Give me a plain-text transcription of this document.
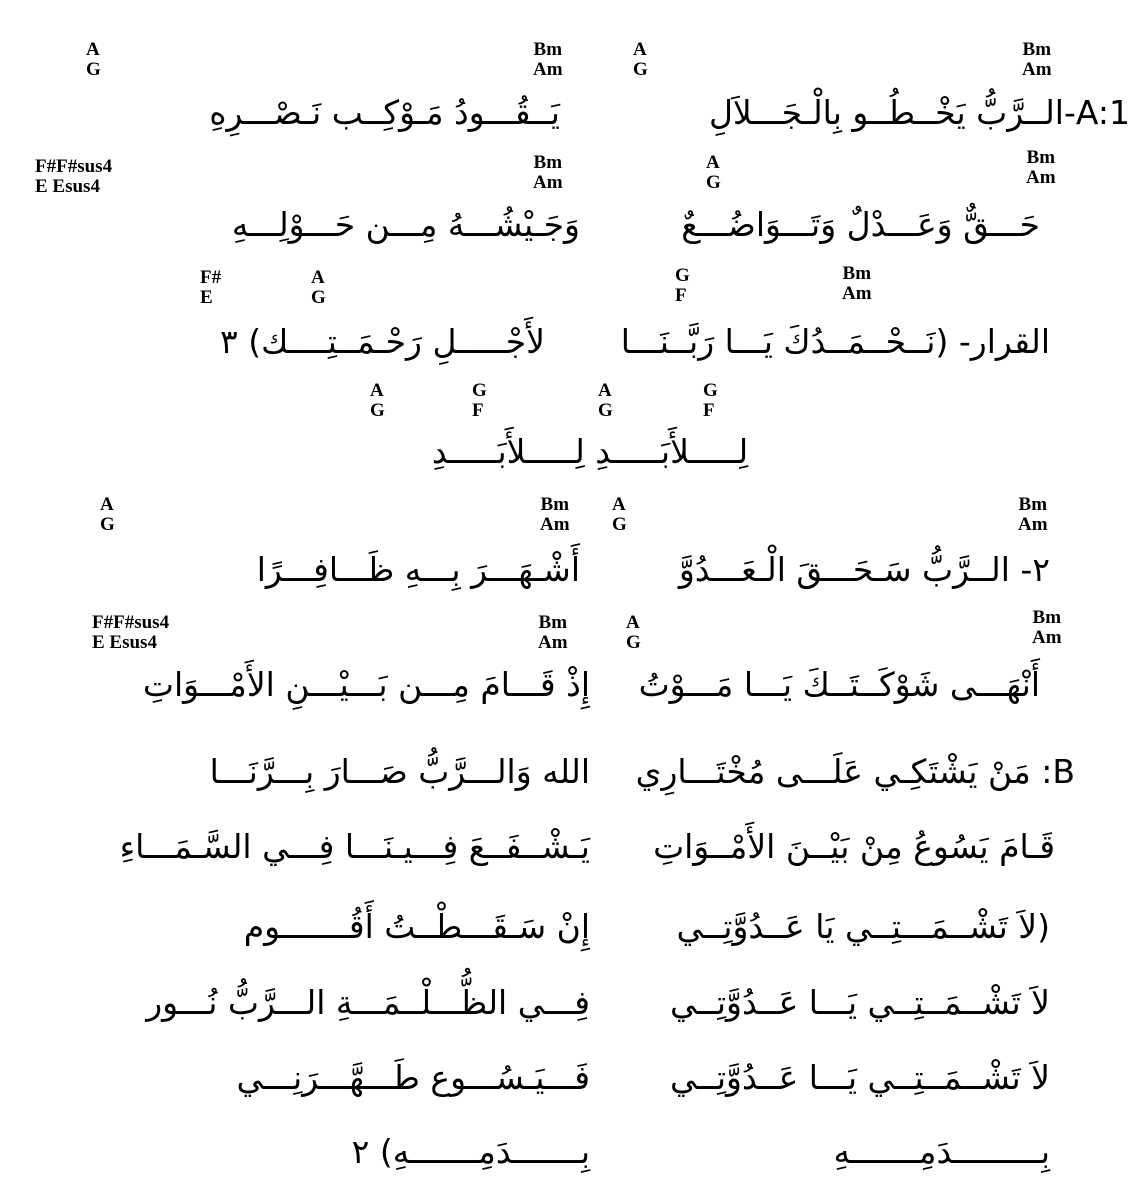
A
G
Bm
Am
A
G
Bm
Am
يَــقُـــودُ مَـوْكِــب نَـصْـــرِهِ	A:1-الــرَّبُّ يَخْــطُــو بِالْـجَـــلاَلِ
F#F#sus4
E Esus4
Bm
Am
A
G
Bm
Am
وَجَـيْشُـــهُ مِـــن حَـــوْلِـــهِ	حَـــقٌّ وَعَـــدْلٌ وَتَـــوَاضُـــعٌ
F#
E
A
G
G
F
Bm
Am
لأَجْـــــلِ رَحْـمَــتِــــك) ٣	القرار- (نَــحْــمَــدُكَ يَـــا رَبَّــنَـــا
A
G
G
F
A
G
G
F
لِـــــلأَبَـــــدِ لِـــــلأَبَـــــدِ
A
G
Bm
Am
A
G
Bm
Am
أَشْـهَـــرَ بِـــهِ ظَـــافِـــرًا	٢- الــرَّبُّ سَـحَـــقَ الْـعَـــدُوَّ
F#F#sus4
E Esus4
Bm
Am
A
G
Bm
Am
إِذْ قَـــامَ مِـــن بَـــيْـــنِ الأَمْـــوَاتِ	أَنْهَـــى شَوْكَــتَــكَ يَـــا مَـــوْتُ
الله وَالـــرَّبُّ صَـــارَ بِـــرَّنَـــا	B: مَنْ يَشْتَكِـي عَلَـــى مُخْتَـــارِي
يَـشْــفَــعَ فِـــيـنَـــا فِـــي السَّـمَـــاءِ	قَـامَ يَسُوعُ مِنْ بَيْــنَ الأَمْــوَاتِ
إِنْ سَـقَـــطْــتُ أَقُـــــــوم	(لاَ تَشْــمَـــتِــي يَا عَــدُوَّتِــي
فِـــي الظُّـــلْــمَـــةِ الـــرَّبُّ نُـــور	لاَ تَشْــمَــتِــي يَـــا عَــدُوَّتِــي
فَـــيَـسُـــوع طَـــهَّـــرَنِـــي	لاَ تَشْــمَــتِــي يَـــا عَــدُوَّتِــي
بِـــــــدَمِـــــــهِ) ٢	بِـــــــــدَمِـــــــهِ
